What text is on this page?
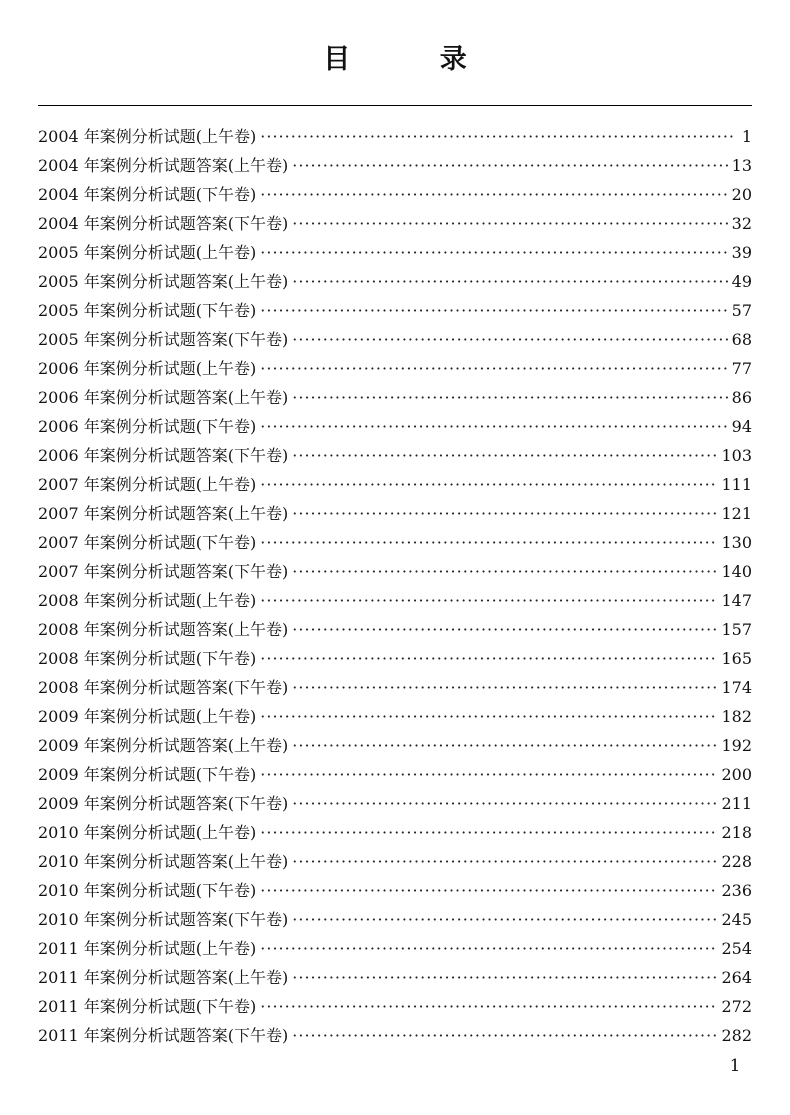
目 录
2004 年案例分析试题(上午卷) ·····	1
2004 年案例分析试题答案(上午卷) ·····	13
2004 年案例分析试题(下午卷) ·····	20
2004 年案例分析试题答案(下午卷) ·····	32
2005 年案例分析试题(上午卷) ·····	39
2005 年案例分析试题答案(上午卷) ·····	49
2005 年案例分析试题(下午卷) ·····	57
2005 年案例分析试题答案(下午卷) ·····	68
2006 年案例分析试题(上午卷) ·····	77
2006 年案例分析试题答案(上午卷) ·····	86
2006 年案例分析试题(下午卷) ·····	94
2006 年案例分析试题答案(下午卷) ·····	103
2007 年案例分析试题(上午卷) ·····	111
2007 年案例分析试题答案(上午卷) ·····	121
2007 年案例分析试题(下午卷) ·····	130
2007 年案例分析试题答案(下午卷) ·····	140
2008 年案例分析试题(上午卷) ·····	147
2008 年案例分析试题答案(上午卷) ·····	157
2008 年案例分析试题(下午卷) ·····	165
2008 年案例分析试题答案(下午卷) ·····	174
2009 年案例分析试题(上午卷) ·····	182
2009 年案例分析试题答案(上午卷) ·····	192
2009 年案例分析试题(下午卷) ·····	200
2009 年案例分析试题答案(下午卷) ·····	211
2010 年案例分析试题(上午卷) ·····	218
2010 年案例分析试题答案(上午卷) ·····	228
2010 年案例分析试题(下午卷) ·····	236
2010 年案例分析试题答案(下午卷) ·····	245
2011 年案例分析试题(上午卷) ·····	254
2011 年案例分析试题答案(上午卷) ·····	264
2011 年案例分析试题(下午卷) ·····	272
2011 年案例分析试题答案(下午卷) ·····	282
1
